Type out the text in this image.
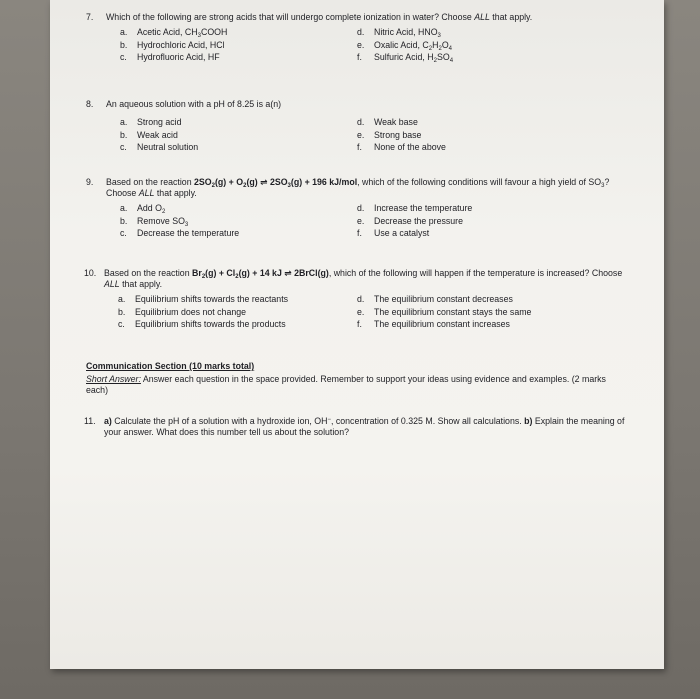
7. Which of the following are strong acids that will undergo complete ionization in water? Choose ALL that apply.
a. Acetic Acid, $CH_3COOH$
b. Hydrochloric Acid, HCl
c. Hydrofluoric Acid, HF
d. Nitric Acid, $HNO_3$
e. Oxalic Acid, $C_2H_2O_4$
f. Sulfuric Acid, $H_2SO_4$
8. An aqueous solution with a pH of 8.25 is a(n)
a. Strong acid
b. Weak acid
c. Neutral solution
d. Weak base
e. Strong base
f. None of the above
9. Based on the reaction $2SO_2(g) + O_2(g)$ ⇌ $2SO_3(g) + 196$ kJ/mol, which of the following conditions will favour a high yield of $SO_3$? Choose ALL that apply.
a. Add $O_2$
b. Remove $SO_3$
c. Decrease the temperature
d. Increase the temperature
e. Decrease the pressure
f. Use a catalyst
10. Based on the reaction $Br_2(g) + Cl_2(g) + 14$ kJ ⇌ 2BrCl(g), which of the following will happen if the temperature is increased? Choose ALL that apply.
a. Equilibrium shifts towards the reactants
b. Equilibrium does not change
c. Equilibrium shifts towards the products
d. The equilibrium constant decreases
e. The equilibrium constant stays the same
f. The equilibrium constant increases
Communication Section (10 marks total)
Short Answer: Answer each question in the space provided. Remember to support your ideas using evidence and examples. (2 marks each)
11. a) Calculate the pH of a solution with a hydroxide ion, OH−, concentration of 0.325 M. Show all calculations. b) Explain the meaning of your answer. What does this number tell us about the solution?
